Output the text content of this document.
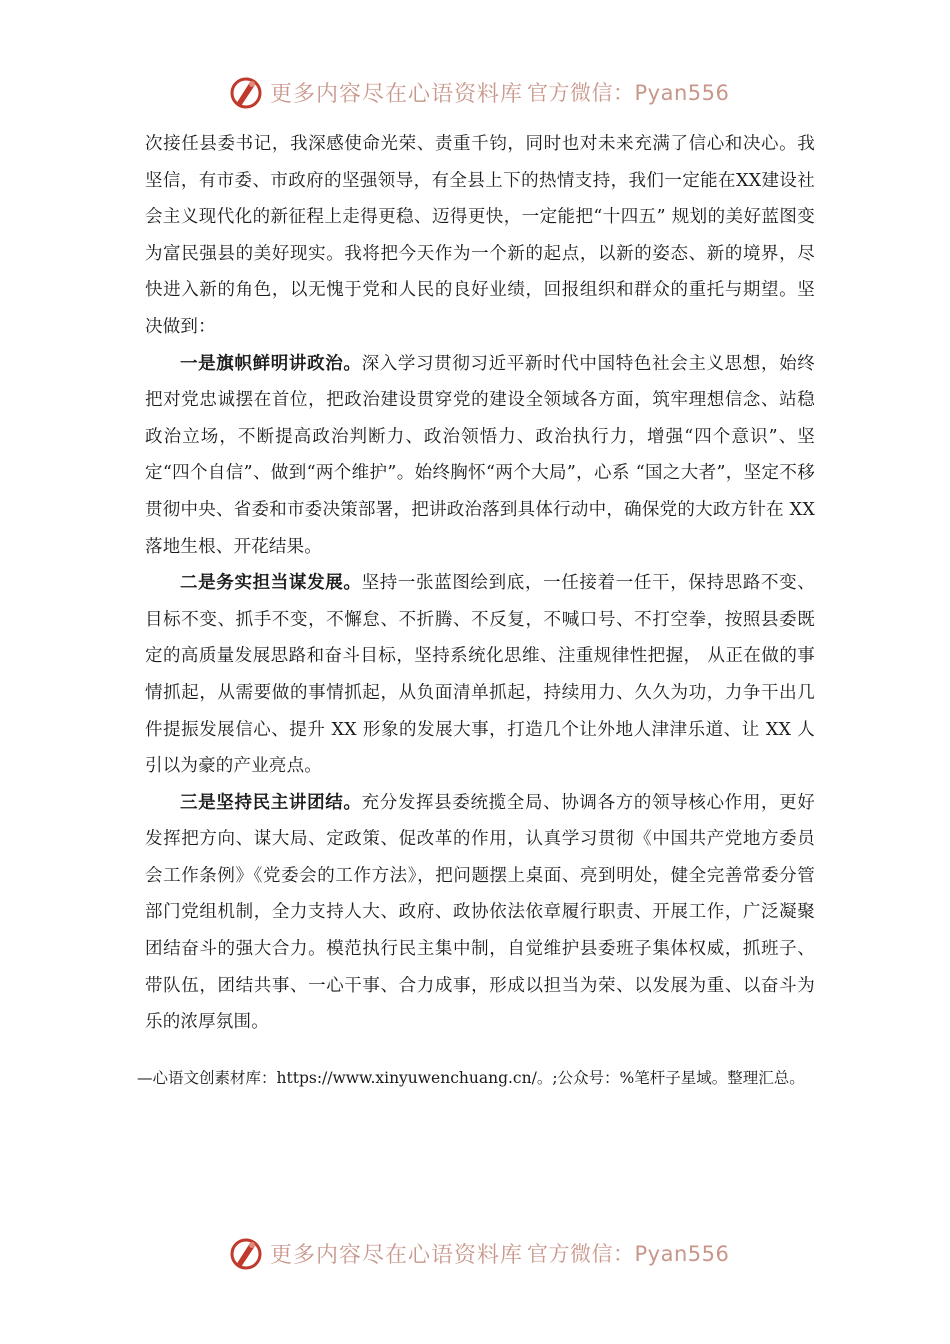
更多内容尽在心语资料库 官方微信：Pyan556

次接任县委书记，我深感使命光荣、责重千钧，同时也对未来充满了信心和决心。我坚信，有市委、市政府的坚强领导，有全县上下的热情支持，我们一定能在XX建设社会主义现代化的新征程上走得更稳、迈得更快，一定能把“十四五” 规划的美好蓝图变为富民强县的美好现实。我将把今天作为一个新的起点，以新的姿态、新的境界，尽快进入新的角色，以无愧于党和人民的良好业绩，回报组织和群众的重托与期望。坚决做到：

一是旗帜鲜明讲政治。深入学习贯彻习近平新时代中国特色社会主义思想，始终把对党忠诚摆在首位，把政治建设贯穿党的建设全领域各方面，筑牢理想信念、站稳政治立场，不断提高政治判断力、政治领悟力、政治执行力，增强“四个意识”、坚定“四个自信”、做到“两个维护”。始终胸怀“两个大局”，心系 “国之大者”，坚定不移贯彻中央、省委和市委决策部署，把讲政治落到具体行动中，确保党的大政方针在 XX 落地生根、开花结果。

二是务实担当谋发展。坚持一张蓝图绘到底，一任接着一任干，保持思路不变、目标不变、抓手不变，不懈怠、不折腾、不反复，不喊口号、不打空拳，按照县委既定的高质量发展思路和奋斗目标，坚持系统化思维、注重规律性把握， 从正在做的事情抓起，从需要做的事情抓起，从负面清单抓起，持续用力、久久为功，力争干出几件提振发展信心、提升 XX 形象的发展大事，打造几个让外地人津津乐道、让 XX 人引以为豪的产业亮点。

三是坚持民主讲团结。充分发挥县委统揽全局、协调各方的领导核心作用，更好发挥把方向、谋大局、定政策、促改革的作用，认真学习贯彻《中国共产党地方委员会工作条例》《党委会的工作方法》，把问题摆上桌面、亮到明处，健全完善常委分管部门党组机制，全力支持人大、政府、政协依法依章履行职责、开展工作，广泛凝聚团结奋斗的强大合力。模范执行民主集中制，自觉维护县委班子集体权威，抓班子、带队伍，团结共事、一心干事、合力成事，形成以担当为荣、以发展为重、以奋斗为乐的浓厚氛围。

—心语文创素材库：https://www.xinyuwenchuang.cn/。;公众号：%笔杆子星域。整理汇总。

更多内容尽在心语资料库 官方微信：Pyan556
